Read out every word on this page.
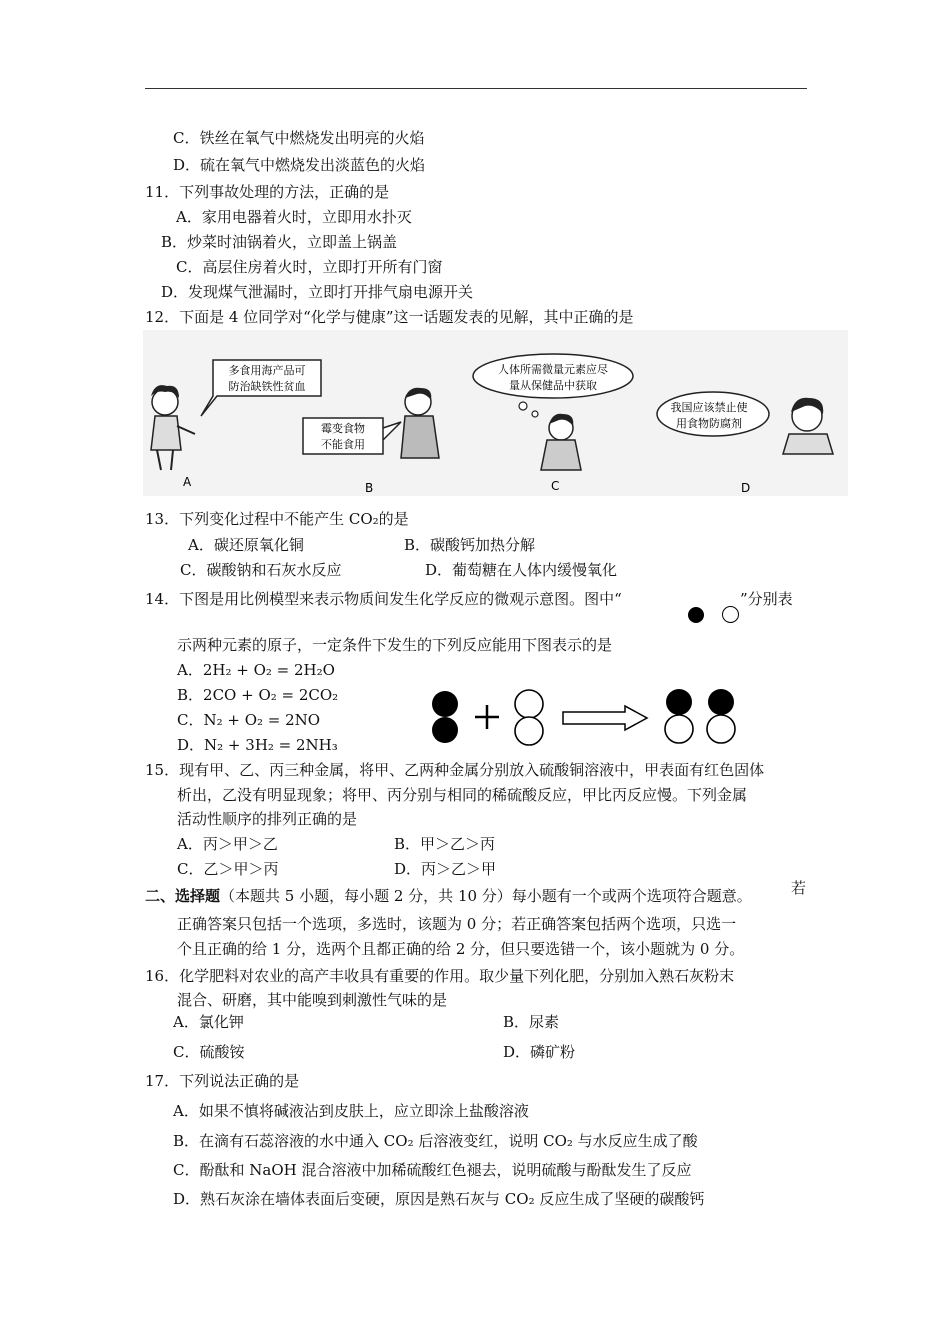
C．铁丝在氧气中燃烧发出明亮的火焰
D．硫在氧气中燃烧发出淡蓝色的火焰
11．下列事故处理的方法，正确的是
A．家用电器着火时，立即用水扑灭
B．炒菜时油锅着火，立即盖上锅盖
C．高层住房着火时，立即打开所有门窗
D．发现煤气泄漏时，立即打开排气扇电源开关
12．下面是 4 位同学对“化学与健康”这一话题发表的见解，其中正确的是
多食用海产品可
防治缺铁性贫血
A
霉变食物
不能食用
B
人体所需微量元素应尽
量从保健品中获取
C
我国应该禁止使
用食物防腐剂
D
13．下列变化过程中不能产生 CO₂的是
A．碳还原氧化铜	B．碳酸钙加热分解
C．碳酸钠和石灰水反应	D．葡萄糖在人体内缓慢氧化
14．下图是用比例模型来表示物质间发生化学反应的微观示意图。图中“	”分别表
示两种元素的原子，一定条件下发生的下列反应能用下图表示的是
A．2H₂ + O₂ = 2H₂O
B．2CO + O₂ = 2CO₂
C．N₂ + O₂ = 2NO
D．N₂ + 3H₂ = 2NH₃
15．现有甲、乙、丙三种金属，将甲、乙两种金属分别放入硫酸铜溶液中，甲表面有红色固体
析出，乙没有明显现象；将甲、丙分别与相同的稀硫酸反应，甲比丙反应慢。下列金属
活动性顺序的排列正确的是
A．丙＞甲＞乙	B．甲＞乙＞丙
C．乙＞甲＞丙	D．丙＞乙＞甲
二、选择题（本题共 5 小题，每小题 2 分，共 10 分）每小题有一个或两个选项符合题意。	若
正确答案只包括一个选项，多选时，该题为 0 分；若正确答案包括两个选项，只选一
个且正确的给 1 分，选两个且都正确的给 2 分，但只要选错一个，该小题就为 0 分。
16．化学肥料对农业的高产丰收具有重要的作用。取少量下列化肥，分别加入熟石灰粉末
混合、研磨，其中能嗅到刺激性气味的是
A．氯化钾	B．尿素
C．硫酸铵	D．磷矿粉
17．下列说法正确的是
A．如果不慎将碱液沾到皮肤上，应立即涂上盐酸溶液
B．在滴有石蕊溶液的水中通入 CO₂ 后溶液变红，说明 CO₂ 与水反应生成了酸
C．酚酞和 NaOH 混合溶液中加稀硫酸红色褪去，说明硫酸与酚酞发生了反应
D．熟石灰涂在墙体表面后变硬，原因是熟石灰与 CO₂ 反应生成了坚硬的碳酸钙
